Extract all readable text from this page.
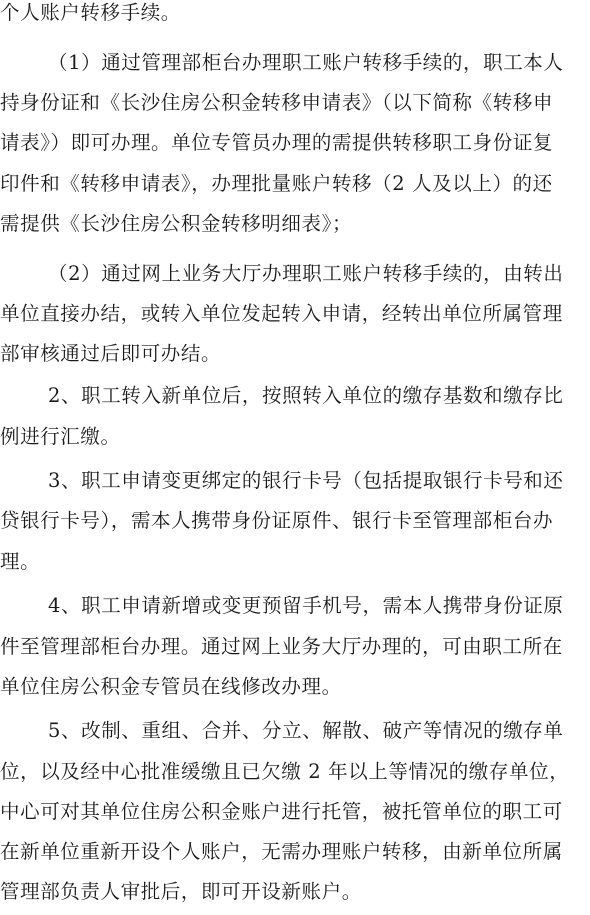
个人账户转移手续。
（1）通过管理部柜台办理职工账户转移手续的，职工本人
持身份证和《长沙住房公积金转移申请表》（以下简称《转移申
请表》）即可办理。单位专管员办理的需提供转移职工身份证复
印件和《转移申请表》，办理批量账户转移（2 人及以上）的还
需提供《长沙住房公积金转移明细表》；
（2）通过网上业务大厅办理职工账户转移手续的，由转出
单位直接办结，或转入单位发起转入申请，经转出单位所属管理
部审核通过后即可办结。
2、职工转入新单位后，按照转入单位的缴存基数和缴存比
例进行汇缴。
3、职工申请变更绑定的银行卡号（包括提取银行卡号和还
贷银行卡号），需本人携带身份证原件、银行卡至管理部柜台办
理。
4、职工申请新增或变更预留手机号，需本人携带身份证原
件至管理部柜台办理。通过网上业务大厅办理的，可由职工所在
单位住房公积金专管员在线修改办理。
5、改制、重组、合并、分立、解散、破产等情况的缴存单
位，以及经中心批准缓缴且已欠缴 2 年以上等情况的缴存单位，
中心可对其单位住房公积金账户进行托管，被托管单位的职工可
在新单位重新开设个人账户，无需办理账户转移，由新单位所属
管理部负责人审批后，即可开设新账户。
